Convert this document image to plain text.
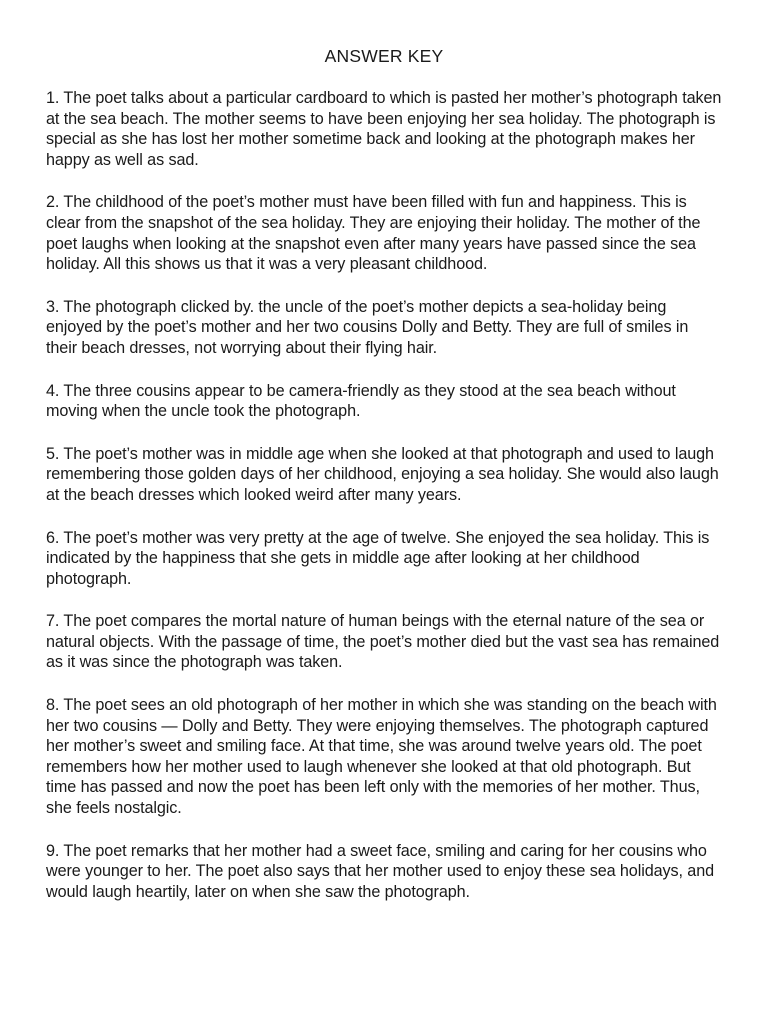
ANSWER KEY
1. The poet talks about a particular cardboard to which is pasted her mother’s photograph taken at the sea beach. The mother seems to have been enjoying her sea holiday. The photograph is special as she has lost her mother sometime back and looking at the photograph makes her happy as well as sad.
2. The childhood of the poet’s mother must have been filled with fun and happiness. This is clear from the snapshot of the sea holiday. They are enjoying their holiday. The mother of the poet laughs when looking at the snapshot even after many years have passed since the sea holiday. All this shows us that it was a very pleasant childhood.
3. The photograph clicked by. the uncle of the poet’s mother depicts a sea-holiday being enjoyed by the poet’s mother and her two cousins Dolly and Betty. They are full of smiles in their beach dresses, not worrying about their flying hair.
4. The three cousins appear to be camera-friendly as they stood at the sea beach without moving when the uncle took the photograph.
5. The poet’s mother was in middle age when she looked at that photograph and used to laugh remembering those golden days of her childhood, enjoying a sea holiday. She would also laugh at the beach dresses which looked weird after many years.
6. The poet’s mother was very pretty at the age of twelve. She enjoyed the sea holiday. This is indicated by the happiness that she gets in middle age after looking at her childhood photograph.
7. The poet compares the mortal nature of human beings with the eternal nature of the sea or natural objects. With the passage of time, the poet’s mother died but the vast sea has remained as it was since the photograph was taken.
8. The poet sees an old photograph of her mother in which she was standing on the beach with her two cousins — Dolly and Betty. They were enjoying themselves. The photograph captured her mother’s sweet and smiling face. At that time, she was around twelve years old. The poet remembers how her mother used to laugh whenever she looked at that old photograph. But time has passed and now the poet has been left only with the memories of her mother. Thus, she feels nostalgic.
9. The poet remarks that her mother had a sweet face, smiling and caring for her cousins who were younger to her. The poet also says that her mother used to enjoy these sea holidays, and would laugh heartily, later on when she saw the photograph.
